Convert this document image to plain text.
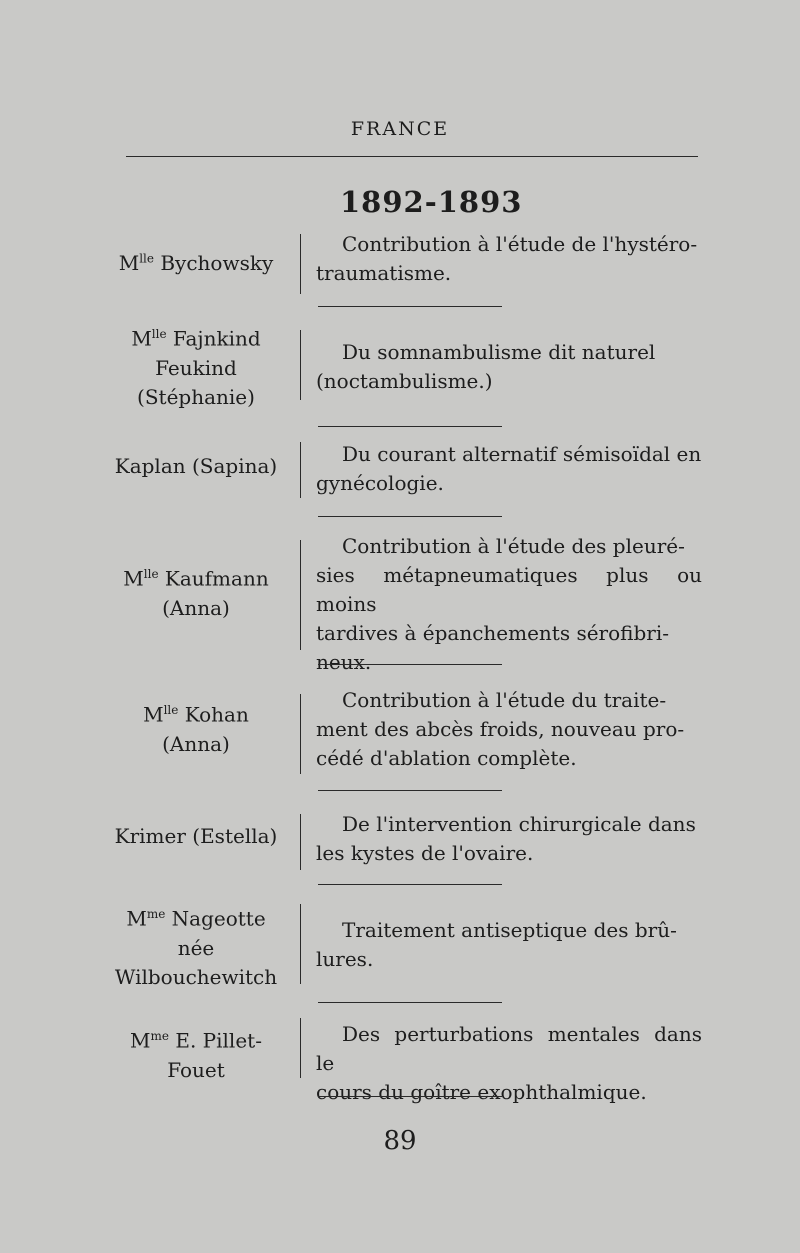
FRANCE
1892-1893
$M^{lle}$ Bychowsky
Contribution à l'étude de l'hystéro-
traumatisme.
$M^{lle}$ Fajnkind
Feukind
(Stéphanie)
Du somnambulisme dit naturel
(noctambulisme.)
Kaplan (Sapina)	Du courant alternatif sémisoïdal en
gynécologie.
$M^{lle}$ Kaufmann
(Anna)
Contribution à l'étude des pleuré-
sies métapneumatiques plus ou moins
tardives à épanchements sérofibri-
neux.
$M^{lle}$ Kohan
(Anna)
Contribution à l'étude du traite-
ment des abcès froids, nouveau pro-
cédé d'ablation complète.
Krimer (Estella)	De l'intervention chirurgicale dans
les kystes de l'ovaire.
$M^{me}$ Nageotte
née
Wilbouchewitch
Traitement antiseptique des brû-
lures.
$M^{me}$ E. Pillet-
Fouet
Des perturbations mentales dans le
cours du goître exophthalmique.
89
